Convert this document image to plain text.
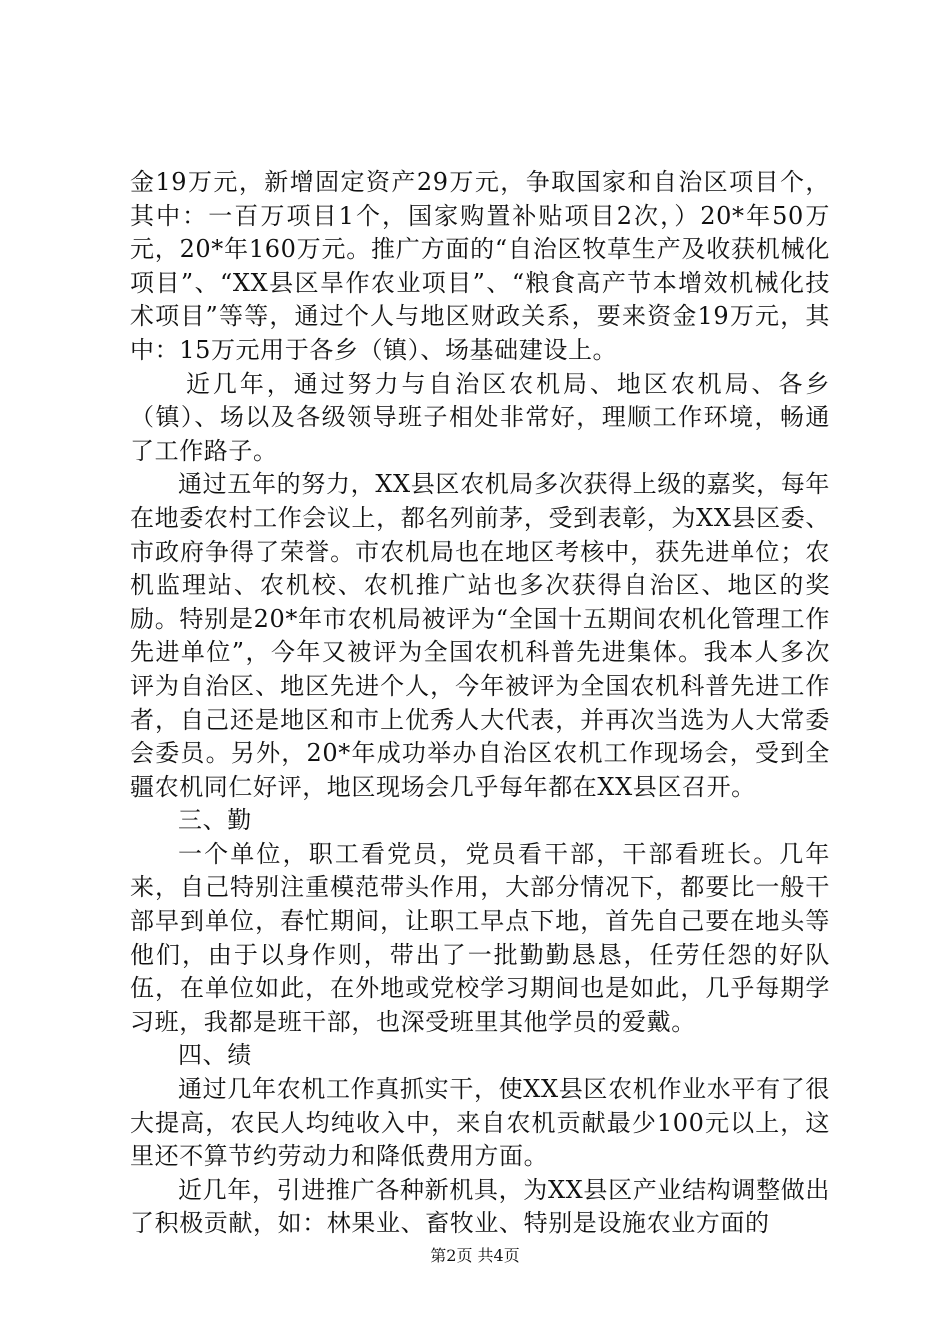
金19万元，新增固定资产29万元，争取国家和自治区项目个，其中：一百万项目1个，国家购置补贴项目2次，）20*年50万元，20*年160万元。推广方面的“自治区牧草生产及收获机械化项目”、“XX县区旱作农业项目”、“粮食高产节本增效机械化技术项目”等等，通过个人与地区财政关系，要来资金19万元，其中：15万元用于各乡（镇）、场基础建设上。

近几年，通过努力与自治区农机局、地区农机局、各乡（镇）、场以及各级领导班子相处非常好，理顺工作环境，畅通了工作路子。

通过五年的努力，XX县区农机局多次获得上级的嘉奖，每年在地委农村工作会议上，都名列前茅，受到表彰，为XX县区委、市政府争得了荣誉。市农机局也在地区考核中，获先进单位；农机监理站、农机校、农机推广站也多次获得自治区、地区的奖励。特别是20*年市农机局被评为“全国十五期间农机化管理工作先进单位”，今年又被评为全国农机科普先进集体。我本人多次评为自治区、地区先进个人，今年被评为全国农机科普先进工作者，自己还是地区和市上优秀人大代表，并再次当选为人大常委会委员。另外，20*年成功举办自治区农机工作现场会，受到全疆农机同仁好评，地区现场会几乎每年都在XX县区召开。

三、勤

一个单位，职工看党员，党员看干部，干部看班长。几年来，自己特别注重模范带头作用，大部分情况下，都要比一般干部早到单位，春忙期间，让职工早点下地，首先自己要在地头等他们，由于以身作则，带出了一批勤勤恳恳，任劳任怨的好队伍，在单位如此，在外地或党校学习期间也是如此，几乎每期学习班，我都是班干部，也深受班里其他学员的爱戴。

四、绩

通过几年农机工作真抓实干，使XX县区农机作业水平有了很大提高，农民人均纯收入中，来自农机贡献最少100元以上，这里还不算节约劳动力和降低费用方面。

近几年，引进推广各种新机具，为XX县区产业结构调整做出了积极贡献，如：林果业、畜牧业、特别是设施农业方面的

第2页 共4页
